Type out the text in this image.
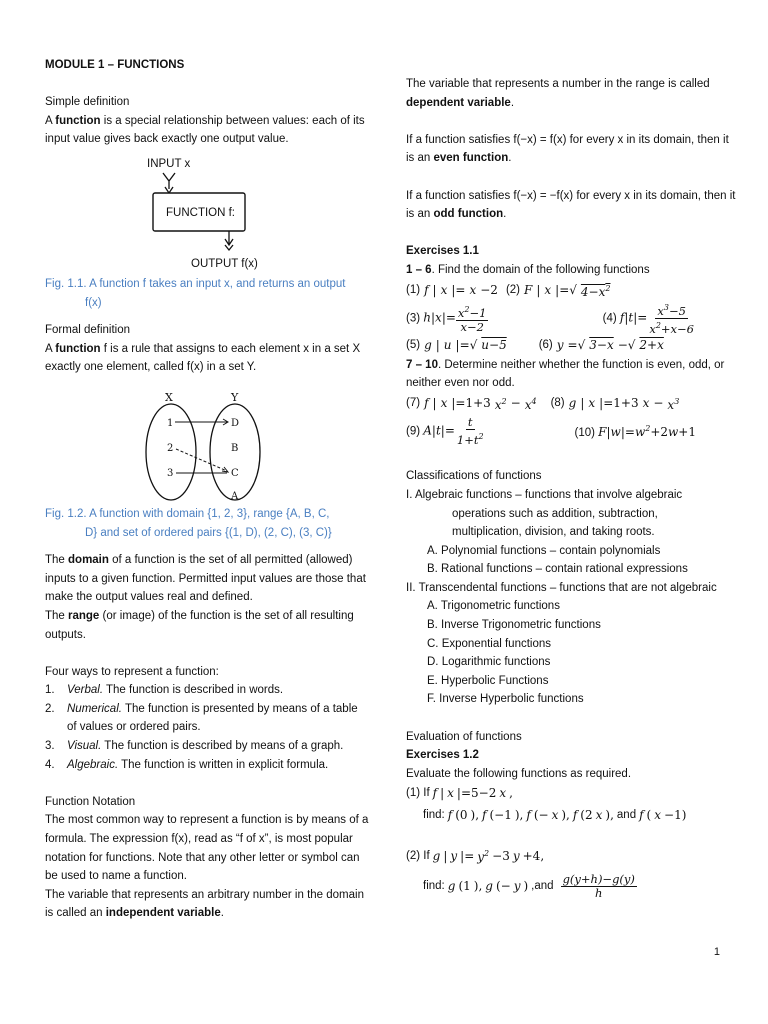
MODULE 1 – FUNCTIONS

Simple definition

A function is a special relationship between values: each of its input value gives back exactly one output value.

INPUT x
FUNCTION f:
OUTPUT f(x)

Fig. 1.1. A function f takes an input x, and returns an output

f(x)

Formal definition

A function f is a rule that assigns to each element x in a set X exactly one element, called f(x) in a set Y.

X	Y
1
2
3
D
B
C
A

Fig. 1.2. A function with domain {1, 2, 3}, range {A, B, C,

D} and set of ordered pairs {(1, D), (2, C), (3, C)}

The domain of a function is the set of all permitted (allowed) inputs to a given function. Permitted input values are those that make the output values real and defined.

The range (or image) of the function is the set of all resulting outputs.

Four ways to represent a function:

1.	Verbal. The function is described in words.
2.	Numerical. The function is presented by means of a table of values or ordered pairs.
3.	Visual. The function is described by means of a graph.
4.	Algebraic. The function is written in explicit formula.

Function Notation

The most common way to represent a function is by means of a formula. The expression f(x), read as “f of x”, is most popular notation for functions. Note that any other letter or symbol can be used to name a function.

The variable that represents an arbitrary number in the domain is called an independent variable.

The variable that represents a number in the range is called dependent variable.

If a function satisfies f(−x) = f(x) for every x in its domain, then it is an even function.

If a function satisfies f(−x) = −f(x) for every x in its domain, then it is an odd function.

Exercises 1.1

1 – 6. Find the domain of the following functions

(1) f | x |= x −2 (2) F | x |=√ $4-x^2$
(3) $h|x|= \frac{x^2-1}{x-2}$	(4) $f|t|= \frac{x^3-5}{x^2+x-6}$
(5) g | u |=√ u−5	(6) y =√ 3−x −√ 2+x

7 – 10. Determine neither whether the function is even, odd, or neither even nor odd.

(7) f | x |=1+3 $x^2 - x^4$ (8) g | x |=1+3 $x - x^3$
(9) $A|t|= \frac{t}{1+t^2}$	(10) $F|w|=w^2+2w+1$

Classifications of functions

I. Algebraic functions – functions that involve algebraic

operations such as addition, subtraction,

multiplication, division, and taking roots.

A. Polynomial functions – contain polynomials

B. Rational functions – contain rational expressions

II. Transcendental functions – functions that are not algebraic

A. Trigonometric functions

B. Inverse Trigonometric functions

C. Exponential functions

D. Logarithmic functions

E. Hyperbolic Functions

F. Inverse Hyperbolic functions

Evaluation of functions

Exercises 1.2

Evaluate the following functions as required.

(1) If f | x |=5−2 x ,
find: f (0 ), f (−1 ), f (− x ), f (2 x ), and f ( x −1)
(2) If g | y |= $y^2 -3$ y +4,
find: g (1 ), g (− y ) $,and \frac{g(y+h)-g(y)}{h}$
1
